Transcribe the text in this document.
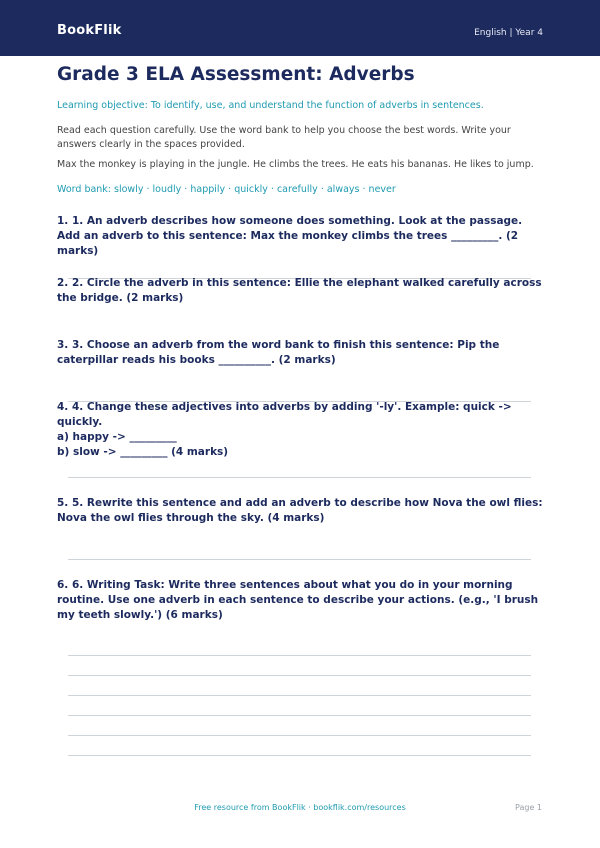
BookFlik	English | Year 4
Grade 3 ELA Assessment: Adverbs
Learning objective: To identify, use, and understand the function of adverbs in sentences.
Read each question carefully. Use the word bank to help you choose the best words. Write your answers clearly in the spaces provided.
Max the monkey is playing in the jungle. He climbs the trees. He eats his bananas. He likes to jump.
Word bank: slowly · loudly · happily · quickly · carefully · always · never
1. 1. An adverb describes how someone does something. Look at the passage. Add an adverb to this sentence: Max the monkey climbs the trees _________. (2 marks)
2. 2. Circle the adverb in this sentence: Ellie the elephant walked carefully across the bridge. (2 marks)
3. 3. Choose an adverb from the word bank to finish this sentence: Pip the caterpillar reads his books __________. (2 marks)
4. 4. Change these adjectives into adverbs by adding '-ly'. Example: quick -> quickly.
a) happy -> _________
b) slow -> _________ (4 marks)
5. 5. Rewrite this sentence and add an adverb to describe how Nova the owl flies: Nova the owl flies through the sky. (4 marks)
6. 6. Writing Task: Write three sentences about what you do in your morning routine. Use one adverb in each sentence to describe your actions. (e.g., 'I brush my teeth slowly.') (6 marks)
Free resource from BookFlik · bookflik.com/resources	Page 1
